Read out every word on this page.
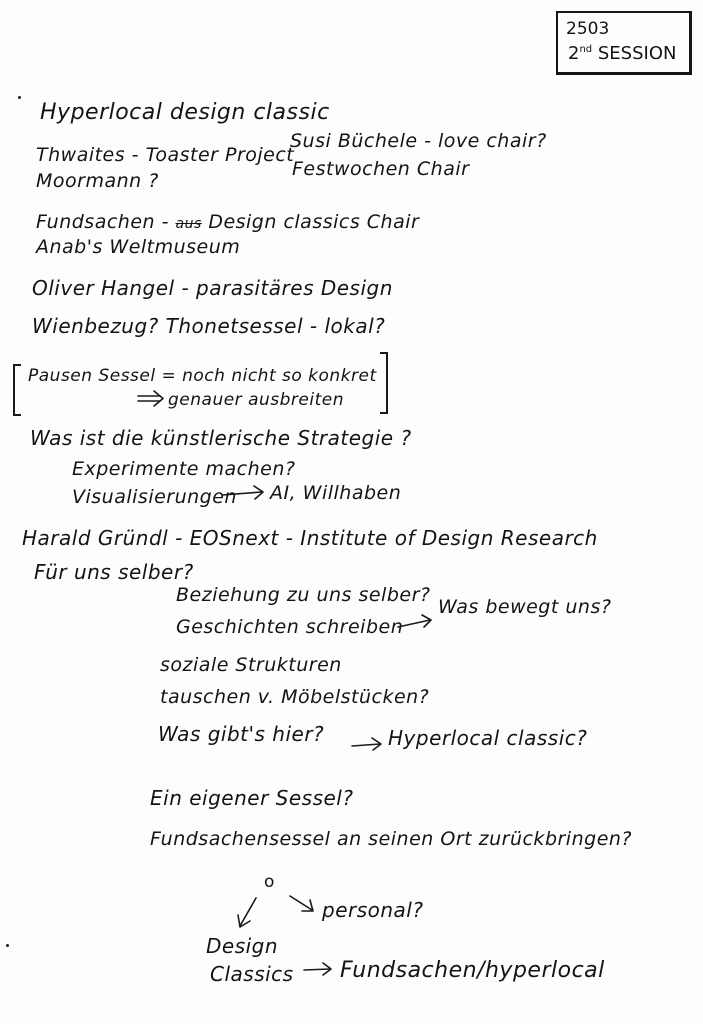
2503
2nd SESSION
Hyperlocal design classic
Thwaites - Toaster Project
Moormann ?
Susi Büchele - love chair?
Festwochen Chair
Fundsachen - aus Design classics Chair
Anab's Weltmuseum
Oliver Hangel - parasitäres Design
Wienbezug? Thonetsessel - lokal?
Pausen Sessel = noch nicht so konkret
genauer ausbreiten
Was ist die künstlerische Strategie ?
Experimente machen?
Visualisierungen AI, Willhaben
Harald Gründl - EOSnext - Institute of Design Research
Für uns selber?
Beziehung zu uns selber?
Geschichten schreiben
Was bewegt uns?
soziale Strukturen
tauschen v. Möbelstücken?
Was gibt's hier?	Hyperlocal classic?
Ein eigener Sessel?
Fundsachensessel an seinen Ort zurückbringen?
o
personal?
Design
Classics Fundsachen/hyperlocal
